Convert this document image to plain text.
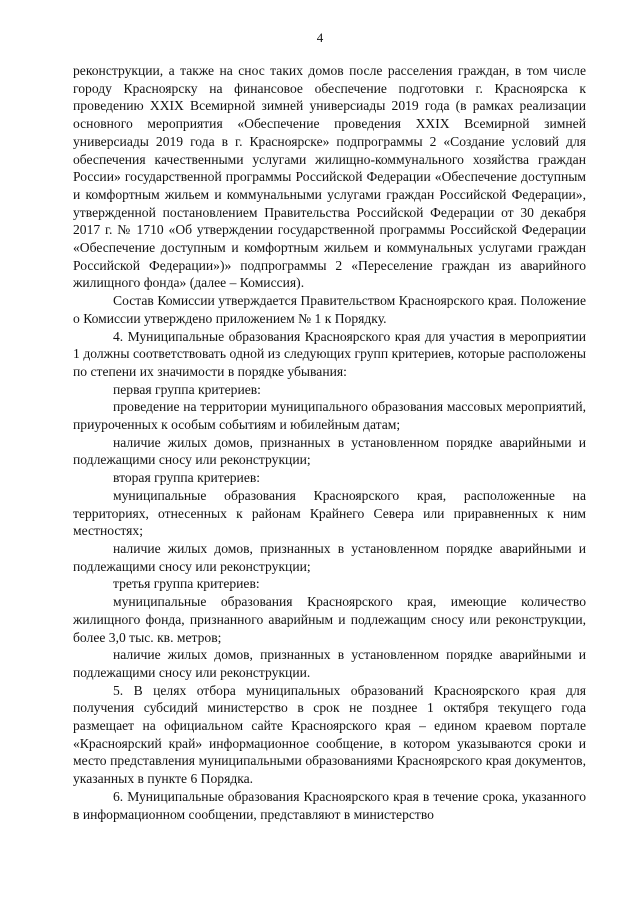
4

реконструкции, а также на снос таких домов после расселения граждан, в том числе городу Красноярску на финансовое обеспечение подготовки г. Красноярска к проведению XXIX Всемирной зимней универсиады 2019 года (в рамках реализации основного мероприятия «Обеспечение проведения XXIX Всемирной зимней универсиады 2019 года в г. Красноярске» подпрограммы 2 «Создание условий для обеспечения качественными услугами жилищно-коммунального хозяйства граждан России» государственной программы Российской Федерации «Обеспечение доступным и комфортным жильем и коммунальными услугами граждан Российской Федерации», утвержденной постановлением Правительства Российской Федерации от 30 декабря 2017 г. № 1710 «Об утверждении государственной программы Российской Федерации «Обеспечение доступным и комфортным жильем и коммунальных услугами граждан Российской Федерации»)» подпрограммы 2 «Переселение граждан из аварийного жилищного фонда» (далее – Комиссия).

Состав Комиссии утверждается Правительством Красноярского края. Положение о Комиссии утверждено приложением № 1 к Порядку.

4. Муниципальные образования Красноярского края для участия в мероприятии 1 должны соответствовать одной из следующих групп критериев, которые расположены по степени их значимости в порядке убывания:

первая группа критериев:

проведение на территории муниципального образования массовых мероприятий, приуроченных к особым событиям и юбилейным датам;

наличие жилых домов, признанных в установленном порядке аварийными и подлежащими сносу или реконструкции;

вторая группа критериев:

муниципальные образования Красноярского края, расположенные на территориях, отнесенных к районам Крайнего Севера или приравненных к ним местностях;

наличие жилых домов, признанных в установленном порядке аварийными и подлежащими сносу или реконструкции;

третья группа критериев:

муниципальные образования Красноярского края, имеющие количество жилищного фонда, признанного аварийным и подлежащим сносу или реконструкции, более 3,0 тыс. кв. метров;

наличие жилых домов, признанных в установленном порядке аварийными и подлежащими сносу или реконструкции.

5. В целях отбора муниципальных образований Красноярского края для получения субсидий министерство в срок не позднее 1 октября текущего года размещает на официальном сайте Красноярского края – едином краевом портале «Красноярский край» информационное сообщение, в котором указываются сроки и место представления муниципальными образованиями Красноярского края документов, указанных в пункте 6 Порядка.

6. Муниципальные образования Красноярского края в течение срока, указанного в информационном сообщении, представляют в министерство
